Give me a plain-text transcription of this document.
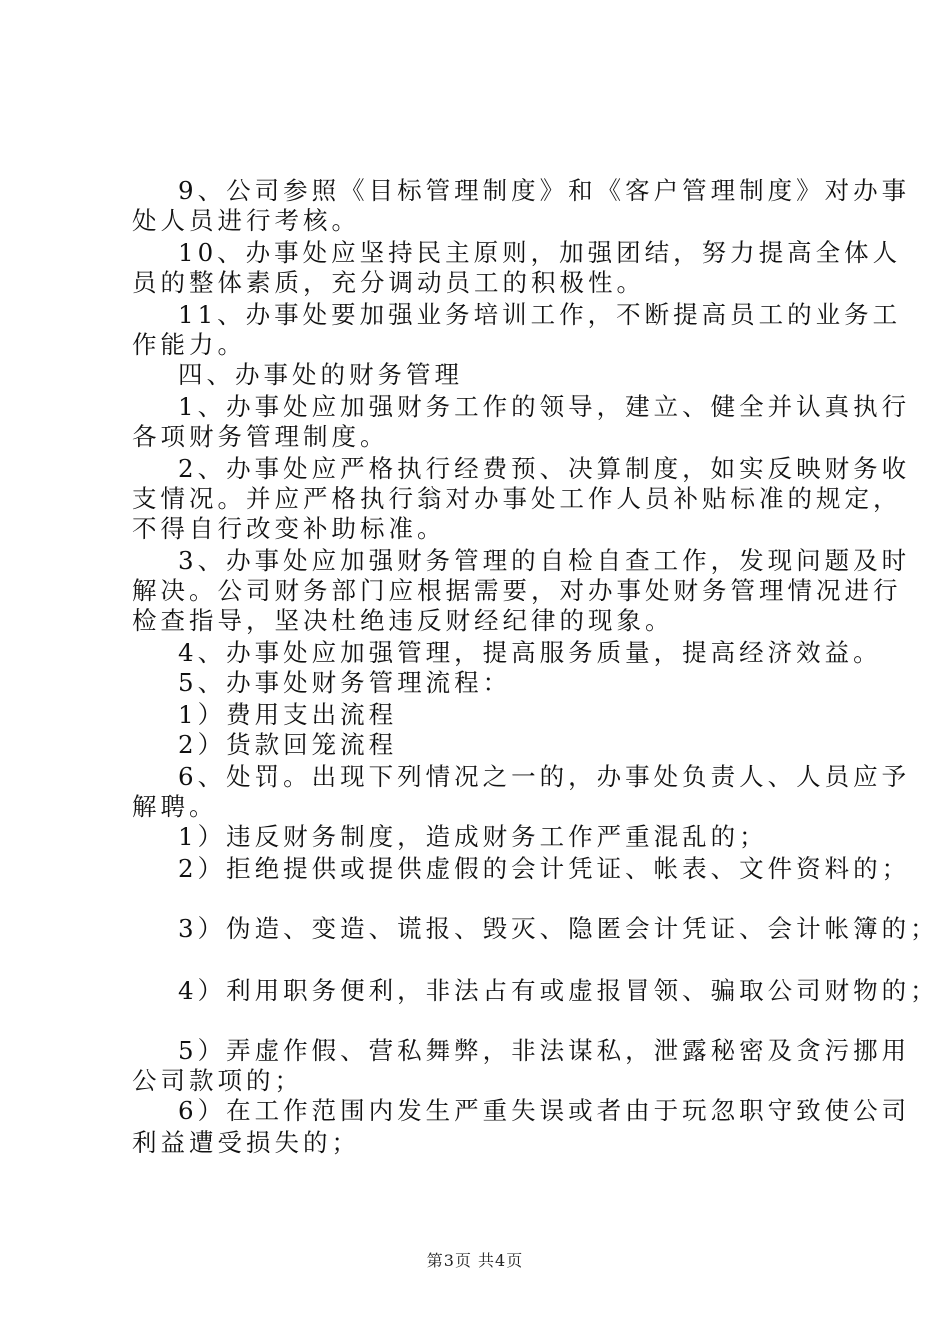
9、公司参照《目标管理制度》和《客户管理制度》对办事
处人员进行考核。
10、办事处应坚持民主原则，加强团结，努力提高全体人
员的整体素质，充分调动员工的积极性。
11、办事处要加强业务培训工作，不断提高员工的业务工
作能力。
四、办事处的财务管理
1、办事处应加强财务工作的领导，建立、健全并认真执行
各项财务管理制度。
2、办事处应严格执行经费预、决算制度，如实反映财务收
支情况。并应严格执行翁对办事处工作人员补贴标准的规定，
不得自行改变补助标准。
3、办事处应加强财务管理的自检自查工作，发现问题及时
解决。公司财务部门应根据需要，对办事处财务管理情况进行
检查指导，坚决杜绝违反财经纪律的现象。
4、办事处应加强管理，提高服务质量，提高经济效益。
5、办事处财务管理流程：
1）费用支出流程
2）货款回笼流程
6、处罚。出现下列情况之一的，办事处负责人、人员应予
解聘。
1）违反财务制度，造成财务工作严重混乱的；
2）拒绝提供或提供虚假的会计凭证、帐表、文件资料的；
3）伪造、变造、谎报、毁灭、隐匿会计凭证、会计帐簿的；
4）利用职务便利，非法占有或虚报冒领、骗取公司财物的；
5）弄虚作假、营私舞弊，非法谋私，泄露秘密及贪污挪用
公司款项的；
6）在工作范围内发生严重失误或者由于玩忽职守致使公司
利益遭受损失的；
第3页 共4页
